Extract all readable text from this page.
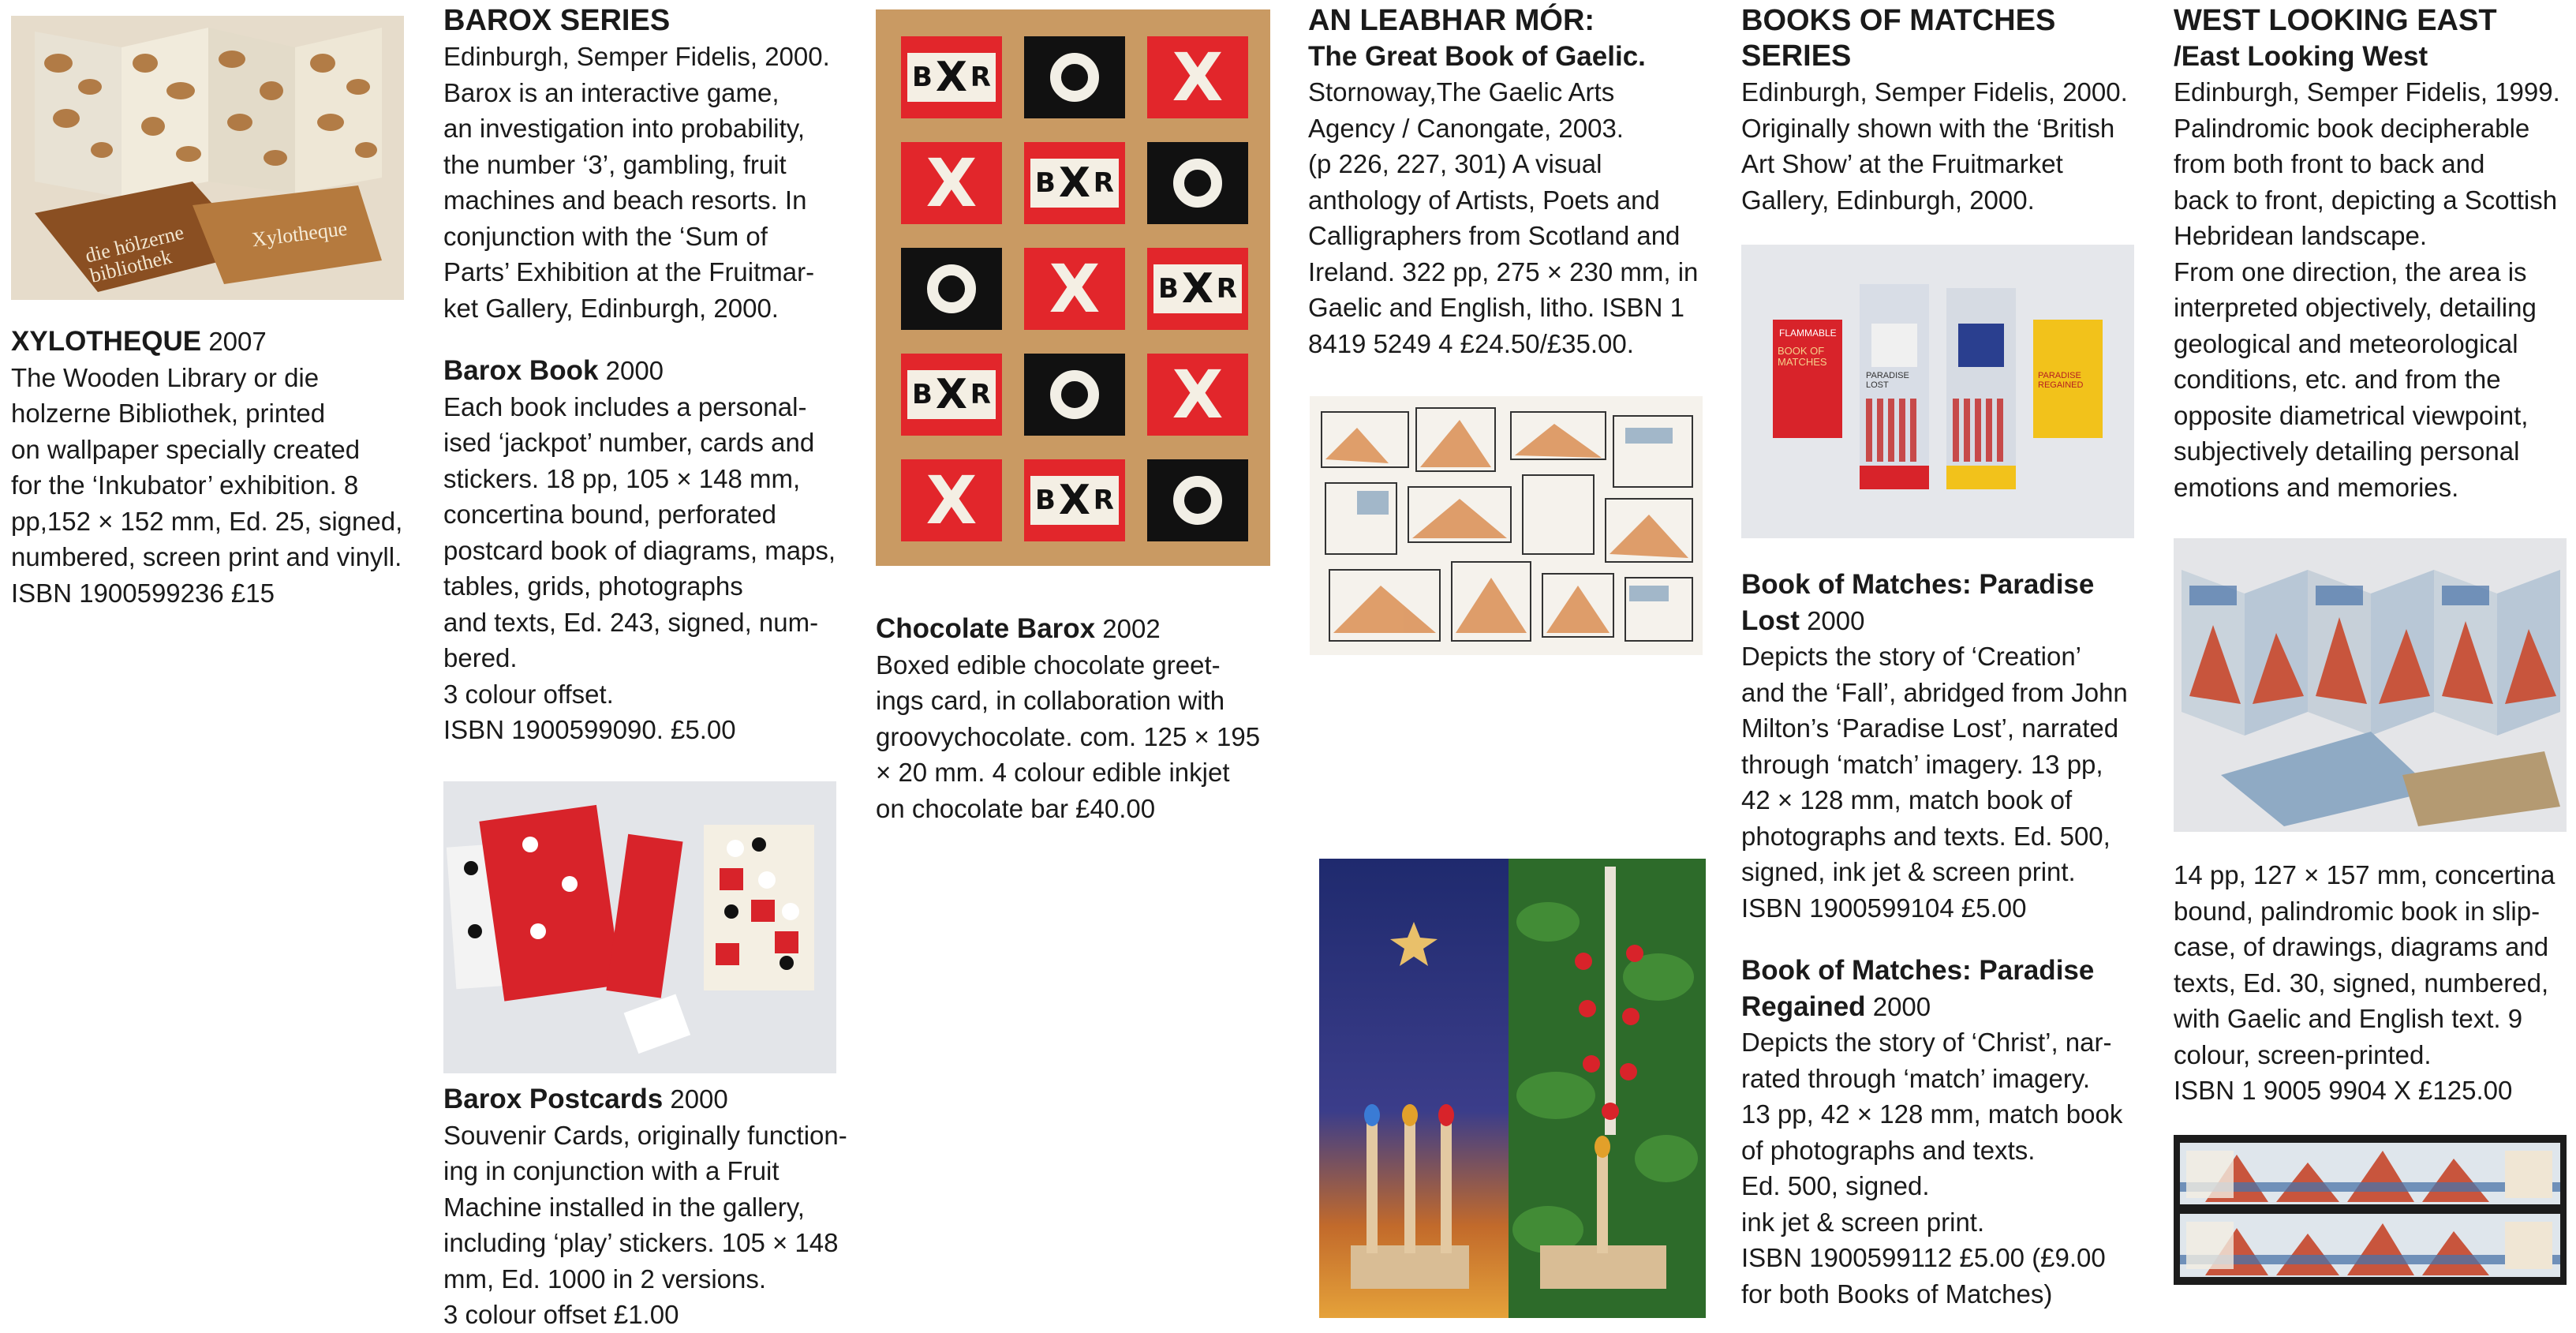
die hölzerne bibliothek
Xylotheque

XYLOTHEQUE 2007

The Wooden Library or die

holzerne Bibliothek, printed

on wallpaper specially created

for the ‘Inkubator’ exhibition. 8

pp,152 × 152 mm, Ed. 25, signed,

numbered, screen print and vinyll.

ISBN 1900599236 £15

BAROX SERIES

Edinburgh, Semper Fidelis, 2000.

Barox is an interactive game,

an investigation into probability,

the number ‘3’, gambling, fruit

machines and beach resorts. In

conjunction with the ‘Sum of

Parts’ Exhibition at the Fruitmar-

ket Gallery, Edinburgh, 2000.

Barox Book 2000

Each book includes a personal-

ised ‘jackpot’ number, cards and

stickers. 18 pp, 105 × 148 mm,

concertina bound, perforated

postcard book of diagrams, maps,

tables, grids, photographs

and texts, Ed. 243, signed, num-

bered.

3 colour offset.

ISBN 1900599090. £5.00

Barox Postcards 2000

Souvenir Cards, originally function-

ing in conjunction with a Fruit

Machine installed in the gallery,

including ‘play’ stickers. 105 × 148

mm, Ed. 1000 in 2 versions.

3 colour offset £1.00

B X R	X
X B X R
X B X R
B X R	X
X B X R

Chocolate Barox 2002

Boxed edible chocolate greet-

ings card, in collaboration with

groovychocolate. com. 125 × 195

× 20 mm. 4 colour edible inkjet

on chocolate bar £40.00

AN LEABHAR MÓR:

The Great Book of Gaelic.

Stornoway,The Gaelic Arts

Agency / Canongate, 2003.

(p 226, 227, 301) A visual

anthology of Artists, Poets and

Calligraphers from Scotland and

Ireland. 322 pp, 275 × 230 mm, in

Gaelic and English, litho. ISBN 1

8419 5249 4 £24.50/£35.00.

BOOKS OF MATCHES

SERIES

Edinburgh, Semper Fidelis, 2000.

Originally shown with the ‘British

Art Show’ at the Fruitmarket

Gallery, Edinburgh, 2000.

FLAMMABLE
BOOK OF MATCHES
PARADISE LOST
PARADISE REGAINED

Book of Matches: Paradise

Lost 2000

Depicts the story of ‘Creation’

and the ‘Fall’, abridged from John

Milton’s ‘Paradise Lost’, narrated

through ‘match’ imagery. 13 pp,

42 × 128 mm, match book of

photographs and texts. Ed. 500,

signed, ink jet & screen print.

ISBN 1900599104 £5.00

Book of Matches: Paradise

Regained 2000

Depicts the story of ‘Christ’, nar-

rated through ‘match’ imagery.

13 pp, 42 × 128 mm, match book

of photographs and texts.

Ed. 500, signed.

ink jet & screen print.

ISBN 1900599112 £5.00 (£9.00

for both Books of Matches)

WEST LOOKING EAST

/East Looking West

Edinburgh, Semper Fidelis, 1999.

Palindromic book decipherable

from both front to back and

back to front, depicting a Scottish

Hebridean landscape.

From one direction, the area is

interpreted objectively, detailing

geological and meteorological

conditions, etc. and from the

opposite diametrical viewpoint,

subjectively detailing personal

emotions and memories.

14 pp, 127 × 157 mm, concertina

bound, palindromic book in slip-

case, of drawings, diagrams and

texts, Ed. 30, signed, numbered,

with Gaelic and English text. 9

colour, screen-printed.

ISBN 1 9005 9904 X £125.00
